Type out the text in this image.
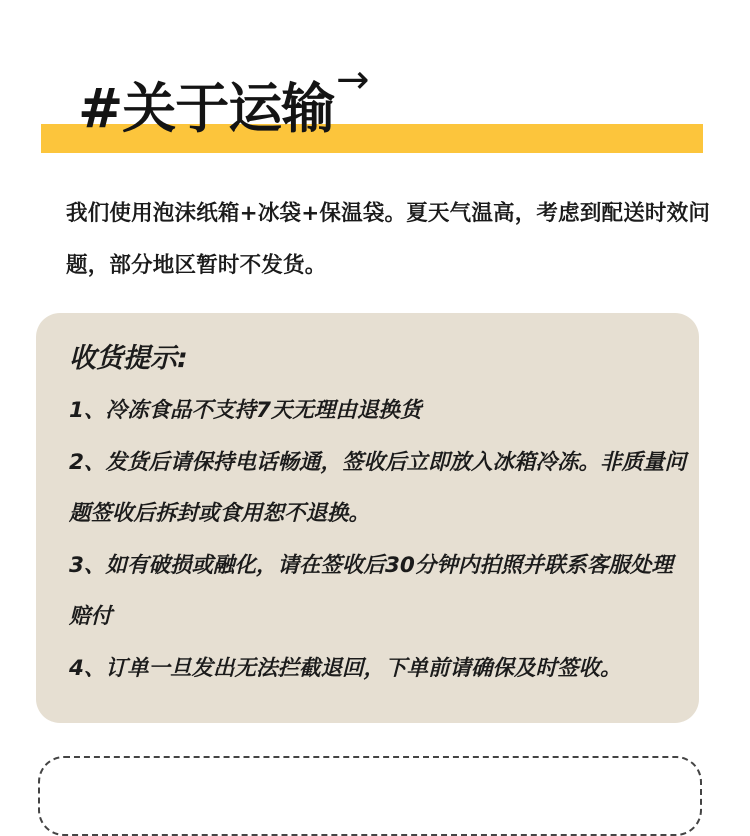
#关于运输 →
我们使用泡沫纸箱+冰袋+保温袋。夏天气温高，考虑到配送时效问题，部分地区暂时不发货。
收货提示:

1、冷冻食品不支持7天无理由退换货

2、发货后请保持电话畅通，签收后立即放入冰箱冷冻。非质量问题签收后拆封或食用恕不退换。

3、如有破损或融化，请在签收后30分钟内拍照并联系客服处理赔付

4、订单一旦发出无法拦截退回，下单前请确保及时签收。
